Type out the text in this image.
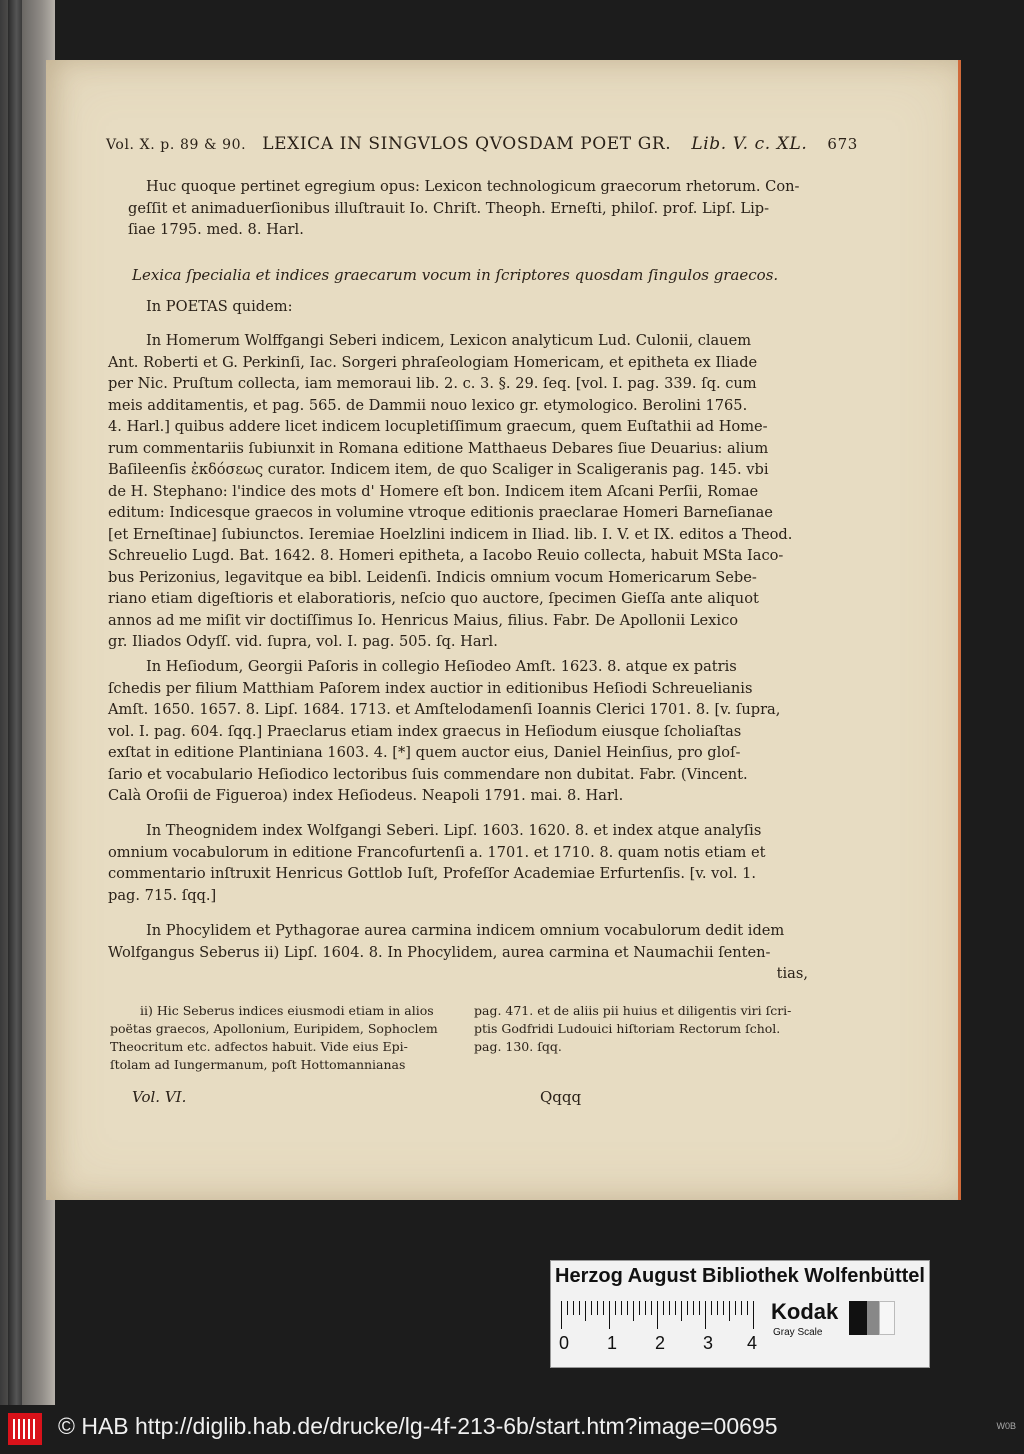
Vol. X. p. 89 & 90. LEXICA IN SINGVLOS QVOSDAM POET GR. Lib. V. c. XL. 673
Huc quoque pertinet egregium opus: Lexicon technologicum graecorum rhetorum. Con-
geſſit et animaduerſionibus illuſtrauit Io. Chriſt. Theoph. Erneſti, philoſ. prof. Lipſ. Lip-
ſiae 1795. med. 8. Harl.
Lexica ſpecialia et indices graecarum vocum in ſcriptores quosdam ſingulos graecos.
In POETAS quidem:
In Homerum Wolffgangi Seberi indicem, Lexicon analyticum Lud. Culonii, clauem
Ant. Roberti et G. Perkinſi, Iac. Sorgeri phraſeologiam Homericam, et epitheta ex Iliade
per Nic. Pruſtum collecta, iam memoraui lib. 2. c. 3. §. 29. ſeq. [vol. I. pag. 339. ſq. cum
meis additamentis, et pag. 565. de Dammii nouo lexico gr. etymologico. Berolini 1765.
4. Harl.] quibus addere licet indicem locupletiſſimum graecum, quem Euſtathii ad Home-
rum commentariis ſubiunxit in Romana editione Matthaeus Debares ſiue Deuarius: alium
Baſileenſis ἐκδόσεως curator. Indicem item, de quo Scaliger in Scaligeranis pag. 145. vbi
de H. Stephano: l'indice des mots d' Homere eſt bon. Indicem item Aſcani Perſii, Romae
editum: Indicesque graecos in volumine vtroque editionis praeclarae Homeri Barneſianae
[et Erneſtinae] ſubiunctos. Ieremiae Hoelzlini indicem in Iliad. lib. I. V. et IX. editos a Theod.
Schreuelio Lugd. Bat. 1642. 8. Homeri epitheta, a Iacobo Reuio collecta, habuit MSta Iaco-
bus Perizonius, legavitque ea bibl. Leidenſi. Indicis omnium vocum Homericarum Sebe-
riano etiam digeſtioris et elaboratioris, neſcio quo auctore, ſpecimen Gieſſa ante aliquot
annos ad me miſit vir doctiſſimus Io. Henricus Maius, filius. Fabr. De Apollonii Lexico
gr. Iliados Odyſſ. vid. ſupra, vol. I. pag. 505. ſq. Harl.
In Heſiodum, Georgii Paſoris in collegio Heſiodeo Amſt. 1623. 8. atque ex patris
ſchedis per filium Matthiam Paſorem index auctior in editionibus Heſiodi Schreuelianis
Amſt. 1650. 1657. 8. Lipſ. 1684. 1713. et Amſtelodamenſi Ioannis Clerici 1701. 8. [v. ſupra,
vol. I. pag. 604. ſqq.] Praeclarus etiam index graecus in Heſiodum eiusque ſcholiaſtas
exſtat in editione Plantiniana 1603. 4. [*] quem auctor eius, Daniel Heinſius, pro gloſ-
ſario et vocabulario Heſiodico lectoribus ſuis commendare non dubitat. Fabr. (Vincent.
Calà Oroſii de Figueroa) index Heſiodeus. Neapoli 1791. mai. 8. Harl.
In Theognidem index Wolfgangi Seberi. Lipſ. 1603. 1620. 8. et index atque analyſis
omnium vocabulorum in editione Francofurtenſi a. 1701. et 1710. 8. quam notis etiam et
commentario inſtruxit Henricus Gottlob Iuſt, Profeſſor Academiae Erfurtenſis. [v. vol. 1.
pag. 715. ſqq.]
In Phocylidem et Pythagorae aurea carmina indicem omnium vocabulorum dedit idem
Wolfgangus Seberus ii) Lipſ. 1604. 8. In Phocylidem, aurea carmina et Naumachii ſenten-
tias,
ii) Hic Seberus indices eiusmodi etiam in alios
poëtas graecos, Apollonium, Euripidem, Sophoclem
Theocritum etc. adfectos habuit. Vide eius Epi-
ſtolam ad Iungermanum, poſt Hottomannianas
pag. 471. et de aliis pii huius et diligentis viri ſcri-
ptis Godfridi Ludouici hiſtoriam Rectorum ſchol.
pag. 130. ſqq.
Vol. VI.	Qqqq
Herzog August Bibliothek Wolfenbüttel
0 1 2 3 4
Kodak
Gray Scale
© HAB http://diglib.hab.de/drucke/lg-4f-213-6b/start.htm?image=00695	W0B
